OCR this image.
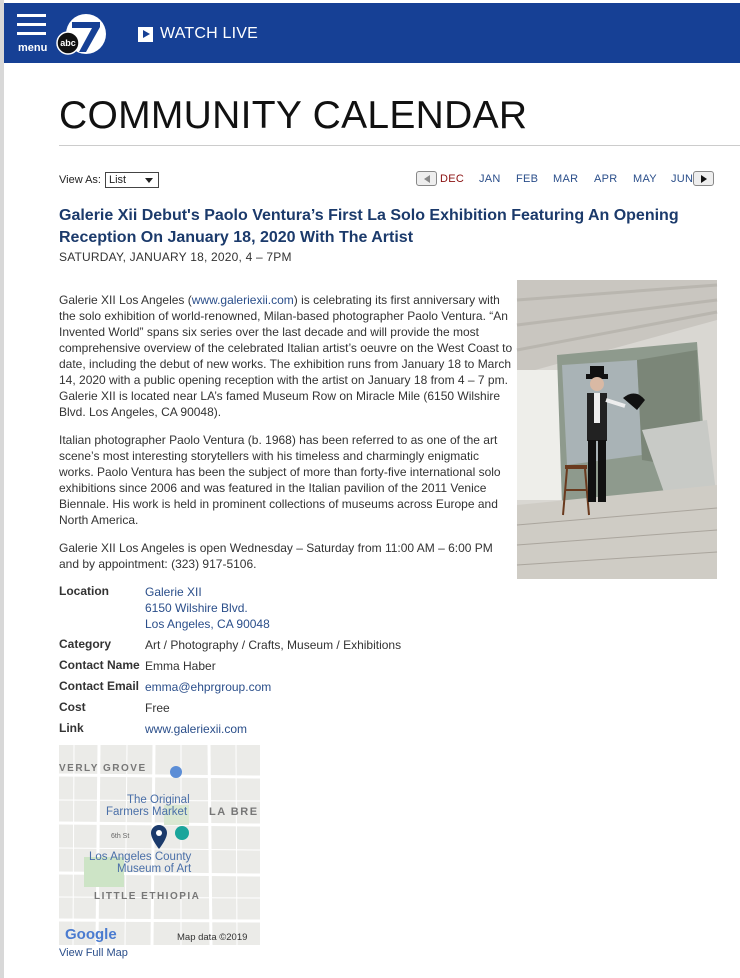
menu abc
WATCH LIVE
COMMUNITY CALENDAR
View As: List	DEC JAN FEB MAR APR MAY JUN
Galerie Xii Debut's Paolo Ventura’s First La Solo Exhibition Featuring An Opening Reception On January 18, 2020 With The Artist
SATURDAY, JANUARY 18, 2020, 4 – 7PM

Galerie XII Los Angeles (www.galeriexii.com) is celebrating its first anniversary with the solo exhibition of world-renowned, Milan-based photographer Paolo Ventura. “An Invented World” spans six series over the last decade and will provide the most comprehensive overview of the celebrated Italian artist’s oeuvre on the West Coast to date, including the debut of new works. The exhibition runs from January 18 to March 14, 2020 with a public opening reception with the artist on January 18 from 4 – 7 pm. Galerie XII is located near LA’s famed Museum Row on Miracle Mile (6150 Wilshire Blvd. Los Angeles, CA 90048).

Italian photographer Paolo Ventura (b. 1968) has been referred to as one of the art scene’s most interesting storytellers with his timeless and charmingly enigmatic works. Paolo Ventura has been the subject of more than forty-five international solo exhibitions since 2006 and was featured in the Italian pavilion of the 2011 Venice Biennale. His work is held in prominent collections of museums across Europe and North America.

Galerie XII Los Angeles is open Wednesday – Saturday from 11:00 AM – 6:00 PM and by appointment: (323) 917-5106.

Location	Galerie XII
6150 Wilshire Blvd.
Los Angeles, CA 90048
Category	Art / Photography / Crafts, Museum / Exhibitions
Contact Name Emma Haber
Contact Email emma@ehprgroup.com
Cost	Free
Link	www.galeriexii.com
VERLY GROVE
The Original
Farmers Market LA BRE
6th St
Los Angeles County
Museum of Art
LITTLE ETHIOPIA
Google	Map data ©2019
View Full Map
